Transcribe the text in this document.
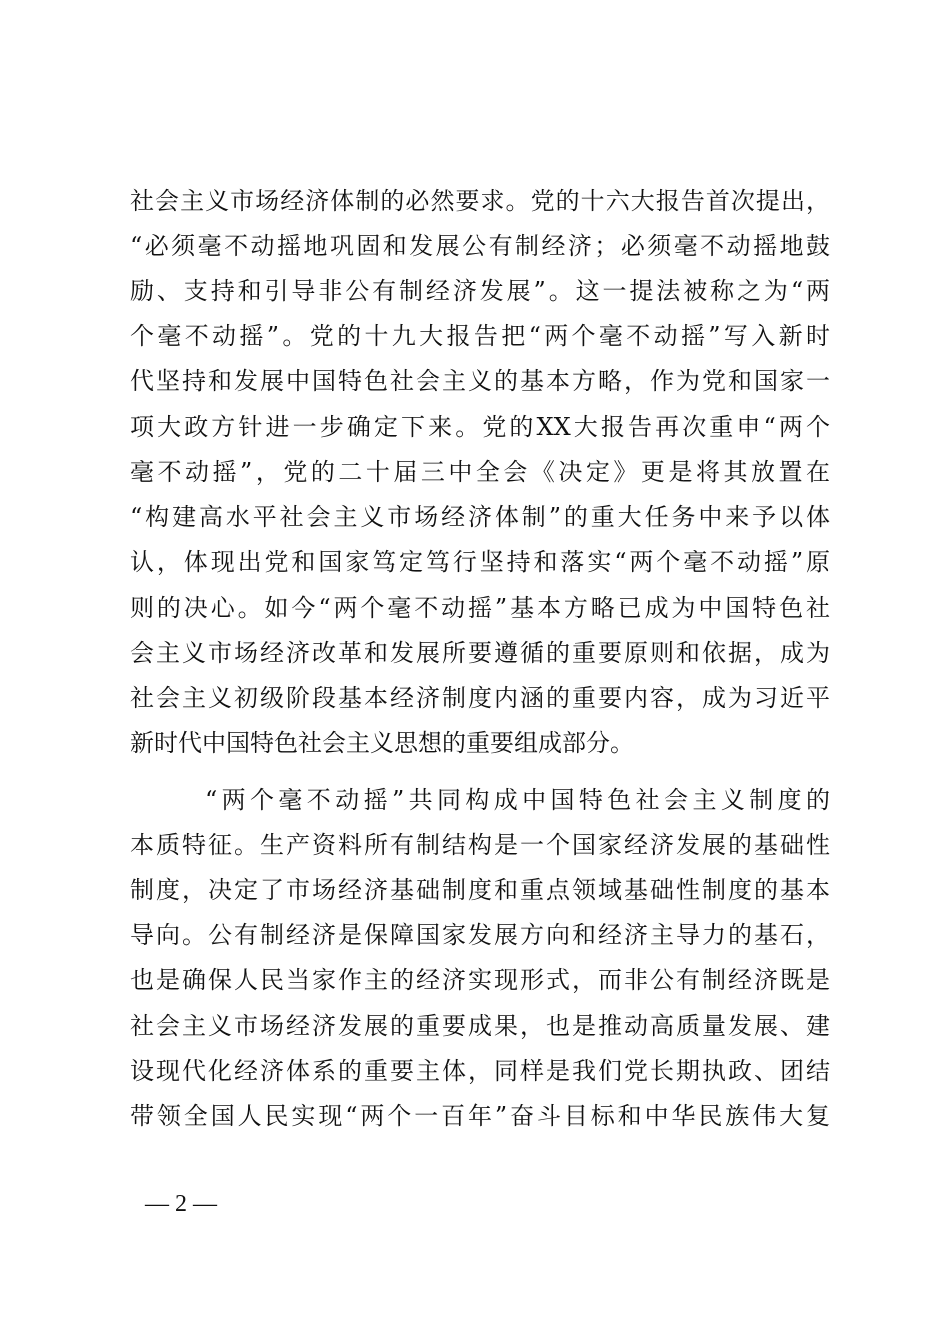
社会主义市场经济体制的必然要求。党的十六大报告首次提出，
“必须毫不动摇地巩固和发展公有制经济；必须毫不动摇地鼓
励、支持和引导非公有制经济发展”。这一提法被称之为“两
个毫不动摇”。党的十九大报告把“两个毫不动摇”写入新时
代坚持和发展中国特色社会主义的基本方略，作为党和国家一
项大政方针进一步确定下来。党的XX大报告再次重申“两个
毫不动摇”，党的二十届三中全会《决定》更是将其放置在
“构建高水平社会主义市场经济体制”的重大任务中来予以体
认，体现出党和国家笃定笃行坚持和落实“两个毫不动摇”原
则的决心。如今“两个毫不动摇”基本方略已成为中国特色社
会主义市场经济改革和发展所要遵循的重要原则和依据，成为
社会主义初级阶段基本经济制度内涵的重要内容，成为习近平
新时代中国特色社会主义思想的重要组成部分。
“两个毫不动摇”共同构成中国特色社会主义制度的
本质特征。生产资料所有制结构是一个国家经济发展的基础性
制度，决定了市场经济基础制度和重点领域基础性制度的基本
导向。公有制经济是保障国家发展方向和经济主导力的基石，
也是确保人民当家作主的经济实现形式，而非公有制经济既是
社会主义市场经济发展的重要成果，也是推动高质量发展、建
设现代化经济体系的重要主体，同样是我们党长期执政、团结
带领全国人民实现“两个一百年”奋斗目标和中华民族伟大复
— 2 —
